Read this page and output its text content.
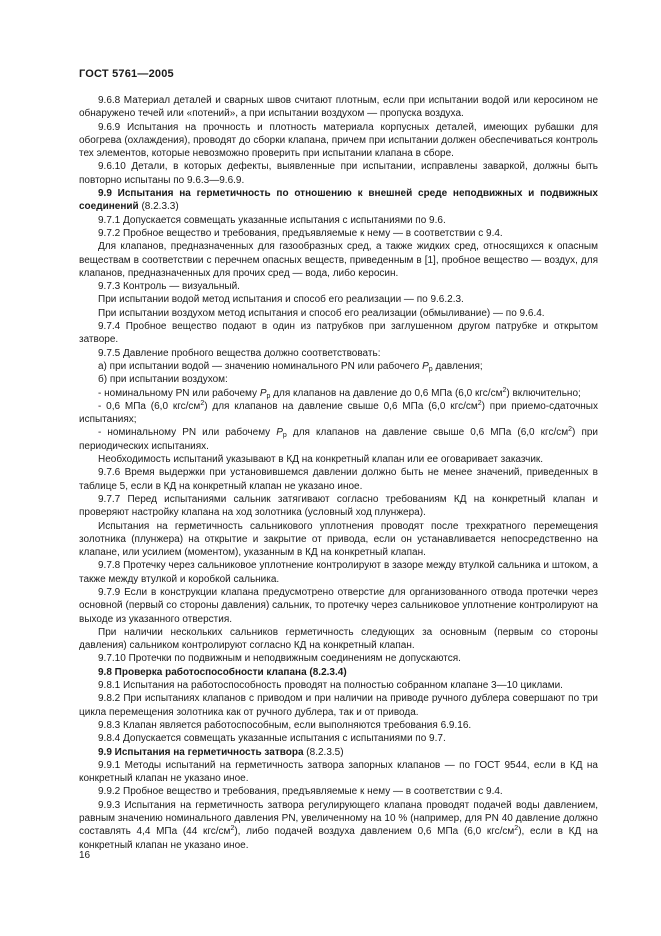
ГОСТ 5761—2005

9.6.8 Материал деталей и сварных швов считают плотным, если при испытании водой или керосином не обнаружено течей или «потений», а при испытании воздухом — пропуска воздуха.

9.6.9 Испытания на прочность и плотность материала корпусных деталей, имеющих рубашки для обогрева (охлаждения), проводят до сборки клапана, причем при испытании должен обеспечиваться контроль тех элементов, которые невозможно проверить при испытании клапана в сборе.

9.6.10 Детали, в которых дефекты, выявленные при испытании, исправлены заваркой, должны быть повторно испытаны по 9.6.3—9.6.9.

9.9 Испытания на герметичность по отношению к внешней среде неподвижных и подвижных соединений (8.2.3.3)

9.7.1 Допускается совмещать указанные испытания с испытаниями по 9.6.

9.7.2 Пробное вещество и требования, предъявляемые к нему — в соответствии с 9.4.

Для клапанов, предназначенных для газообразных сред, а также жидких сред, относящихся к опасным веществам в соответствии с перечнем опасных веществ, приведенным в [1], пробное вещество — воздух, для клапанов, предназначенных для прочих сред — вода, либо керосин.

9.7.3 Контроль — визуальный.

При испытании водой метод испытания и способ его реализации — по 9.6.2.3.

При испытании воздухом метод испытания и способ его реализации (обмыливание) — по 9.6.4.

9.7.4 Пробное вещество подают в один из патрубков при заглушенном другом патрубке и открытом затворе.

9.7.5 Давление пробного вещества должно соответствовать:

а) при испытании водой — значению номинального PN или рабочего $P_р$ давления;

б) при испытании воздухом:

- номинальному PN или рабочему $P_р$ для клапанов на давление до 0,6 МПа (6,0 кгс/$см^2$) включительно;

- 0,6 МПа (6,0 кгс/$см^2$) для клапанов на давление свыше 0,6 МПа (6,0 кгс/$см^2$) при приемо-сдаточных испытаниях;

- номинальному PN или рабочему $P_р$ для клапанов на давление свыше 0,6 МПа (6,0 кгс/$см^2$) при периодических испытаниях.

Необходимость испытаний указывают в КД на конкретный клапан или ее оговаривает заказчик.

9.7.6 Время выдержки при установившемся давлении должно быть не менее значений, приведенных в таблице 5, если в КД на конкретный клапан не указано иное.

9.7.7 Перед испытаниями сальник затягивают согласно требованиям КД на конкретный клапан и проверяют настройку клапана на ход золотника (условный ход плунжера).

Испытания на герметичность сальникового уплотнения проводят после трехкратного перемещения золотника (плунжера) на открытие и закрытие от привода, если он устанавливается непосредственно на клапане, или усилием (моментом), указанным в КД на конкретный клапан.

9.7.8 Протечку через сальниковое уплотнение контролируют в зазоре между втулкой сальника и штоком, а также между втулкой и коробкой сальника.

9.7.9 Если в конструкции клапана предусмотрено отверстие для организованного отвода протечки через основной (первый со стороны давления) сальник, то протечку через сальниковое уплотнение контролируют на выходе из указанного отверстия.

При наличии нескольких сальников герметичность следующих за основным (первым со стороны давления) сальником контролируют согласно КД на конкретный клапан.

9.7.10 Протечки по подвижным и неподвижным соединениям не допускаются.

9.8 Проверка работоспособности клапана (8.2.3.4)

9.8.1 Испытания на работоспособность проводят на полностью собранном клапане 3—10 циклами.

9.8.2 При испытаниях клапанов с приводом и при наличии на приводе ручного дублера совершают по три цикла перемещения золотника как от ручного дублера, так и от привода.

9.8.3 Клапан является работоспособным, если выполняются требования 6.9.16.

9.8.4 Допускается совмещать указанные испытания с испытаниями по 9.7.

9.9 Испытания на герметичность затвора (8.2.3.5)

9.9.1 Методы испытаний на герметичность затвора запорных клапанов — по ГОСТ 9544, если в КД на конкретный клапан не указано иное.

9.9.2 Пробное вещество и требования, предъявляемые к нему — в соответствии с 9.4.

9.9.3 Испытания на герметичность затвора регулирующего клапана проводят подачей воды давлением, равным значению номинального давления PN, увеличенному на 10 % (например, для PN 40 давление должно составлять 4,4 МПа (44 кгс/$см^2$), либо подачей воздуха давлением 0,6 МПа (6,0 кгс/$см^2$), если в КД на конкретный клапан не указано иное.

16
